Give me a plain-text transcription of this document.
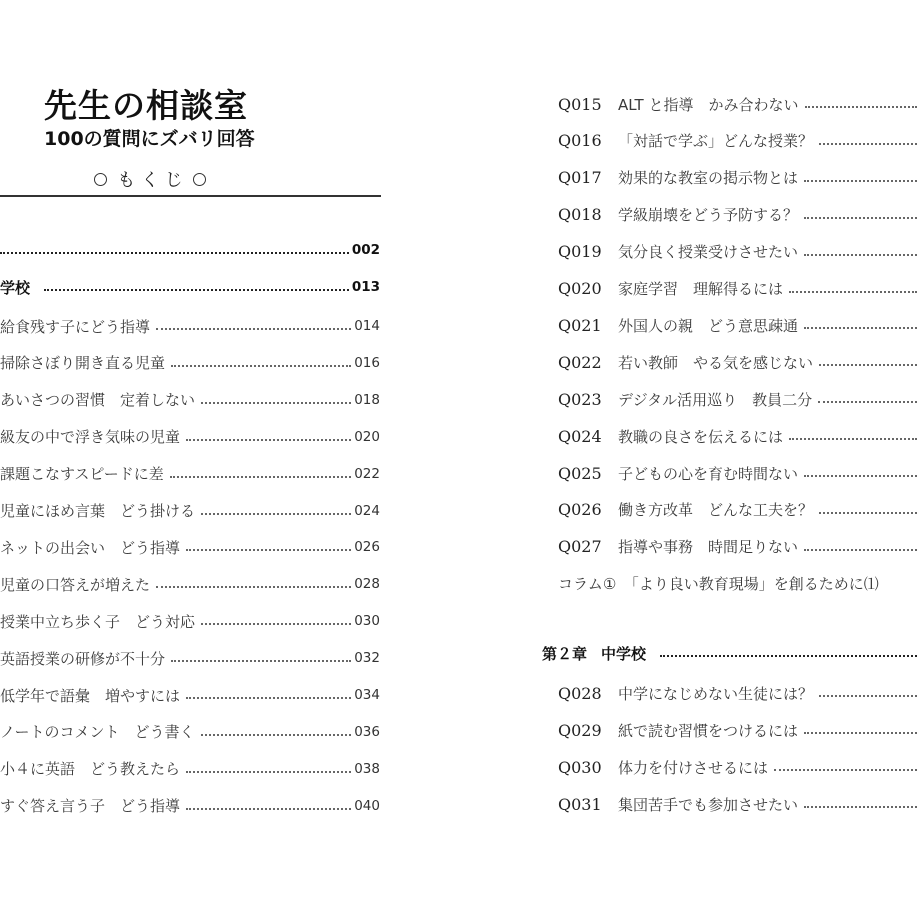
先生の相談室
100の質問にズバリ回答
も く じ
002
学校	013
給食残す子にどう指導	014
掃除さぼり開き直る児童	016
あいさつの習慣　定着しない	018
級友の中で浮き気味の児童	020
課題こなすスピードに差	022
児童にほめ言葉　どう掛ける	024
ネットの出会い　どう指導	026
児童の口答えが増えた	028
授業中立ち歩く子　どう対応	030
英語授業の研修が不十分	032
低学年で語彙　増やすには	034
ノートのコメント　どう書く	036
小４に英語　どう教えたら	038
すぐ答え言う子　どう指導	040
Q015	ALT と指導　かみ合わない
Q016	「対話で学ぶ」どんな授業？
Q017	効果的な教室の掲示物とは
Q018	学級崩壊をどう予防する？
Q019	気分良く授業受けさせたい
Q020	家庭学習　理解得るには
Q021	外国人の親　どう意思疎通
Q022	若い教師　やる気を感じない
Q023	デジタル活用巡り　教員二分
Q024	教職の良さを伝えるには
Q025	子どもの心を育む時間ない
Q026	働き方改革　どんな工夫を？
Q027	指導や事務　時間足りない
コラム①　「より良い教育現場」を創るために⑴
第２章 中学校
Q028	中学になじめない生徒には？
Q029	紙で読む習慣をつけるには
Q030	体力を付けさせるには
Q031	集団苦手でも参加させたい
